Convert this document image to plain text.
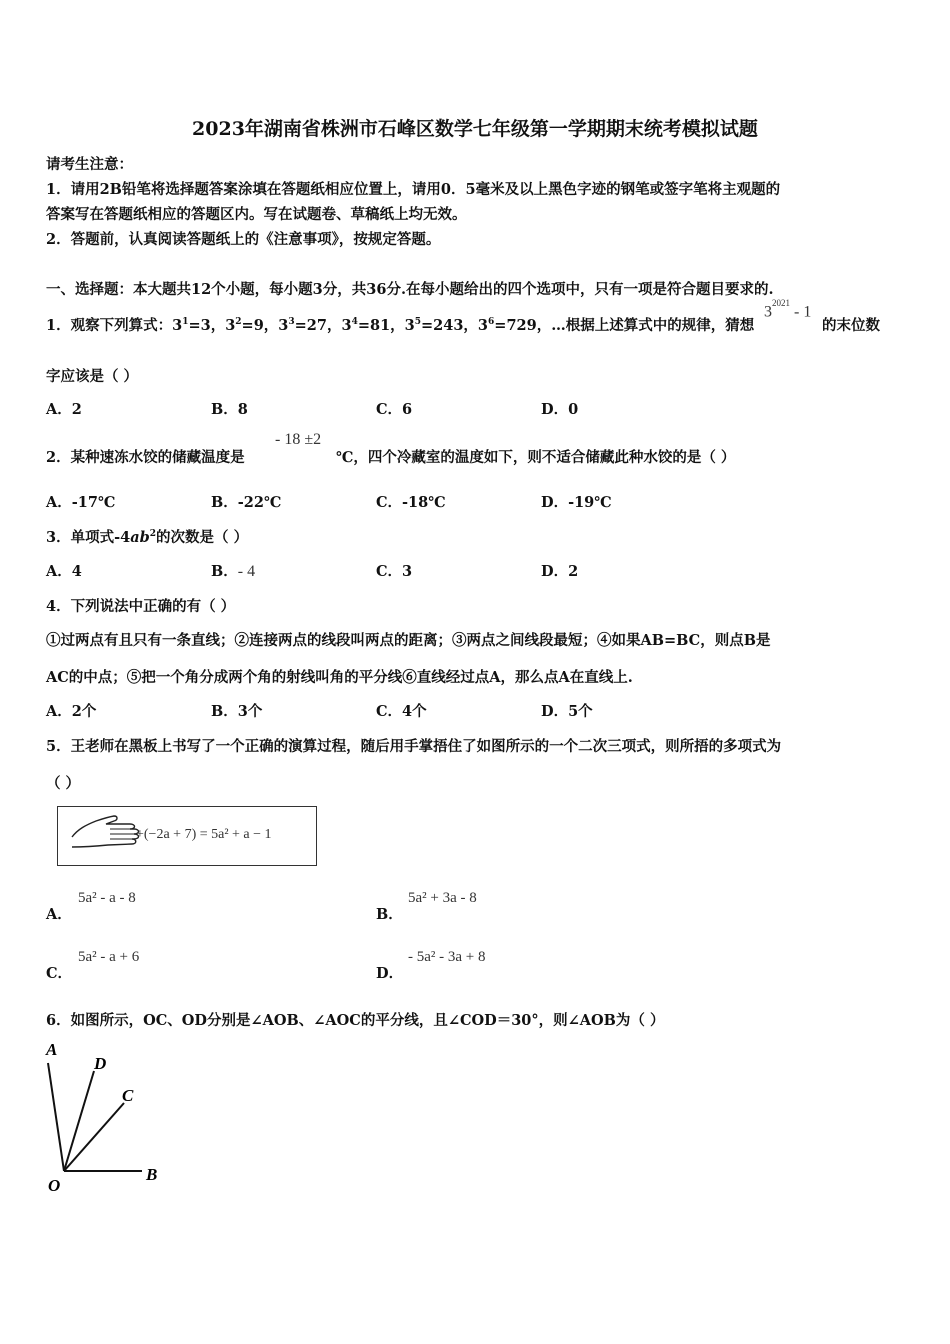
2023年湖南省株洲市石峰区数学七年级第一学期期末统考模拟试题
请考生注意：
1．请用2B铅笔将选择题答案涂填在答题纸相应位置上，请用0．5毫米及以上黑色字迹的钢笔或签字笔将主观题的
答案写在答题纸相应的答题区内。写在试题卷、草稿纸上均无效。
2．答题前，认真阅读答题纸上的《注意事项》，按规定答题。
一、选择题：本大题共12个小题，每小题3分，共36分.在每小题给出的四个选项中，只有一项是符合题目要求的.
1．观察下列算式：$3^1=3$，$3^2=9$，$3^3=27$，$3^4=81$，$3^5=243$，$3^6=729$，…根据上述算式中的规律，猜想
$3^{2021} - 1$
的末位数
字应该是（ ）
A．2	B．8	C．6	D．0
2．某种速冻水饺的储藏温度是
- 18 ±2
℃，四个冷藏室的温度如下，则不适合储藏此种水饺的是（ ）
A．-17℃	B．-22℃	C．-18℃	D．-19℃
3．单项式$-4ab^2$的次数是（ ）
A．4	B．- 4	C．3	D．2
4．下列说法中正确的有（ ）
①过两点有且只有一条直线；②连接两点的线段叫两点的距离；③两点之间线段最短；④如果AB=BC，则点B是
AC的中点；⑤把一个角分成两个角的射线叫角的平分线⑥直线经过点A，那么点A在直线上.
A．2个	B．3个	C．4个	D．5个
5．王老师在黑板上书写了一个正确的演算过程，随后用手掌捂住了如图所示的一个二次三项式，则所捂的多项式为
（ ）
+(−2a + 7) = 5a² + a − 1
A．
5a² - a - 8
B．
5a² + 3a - 8
C．
5a² - a + 6
D．
- 5a² - 3a + 8
6．如图所示，OC、OD分别是∠AOB、∠AOC的平分线，且∠COD＝30°，则∠AOB为（ ）
A
D
C
O
B
